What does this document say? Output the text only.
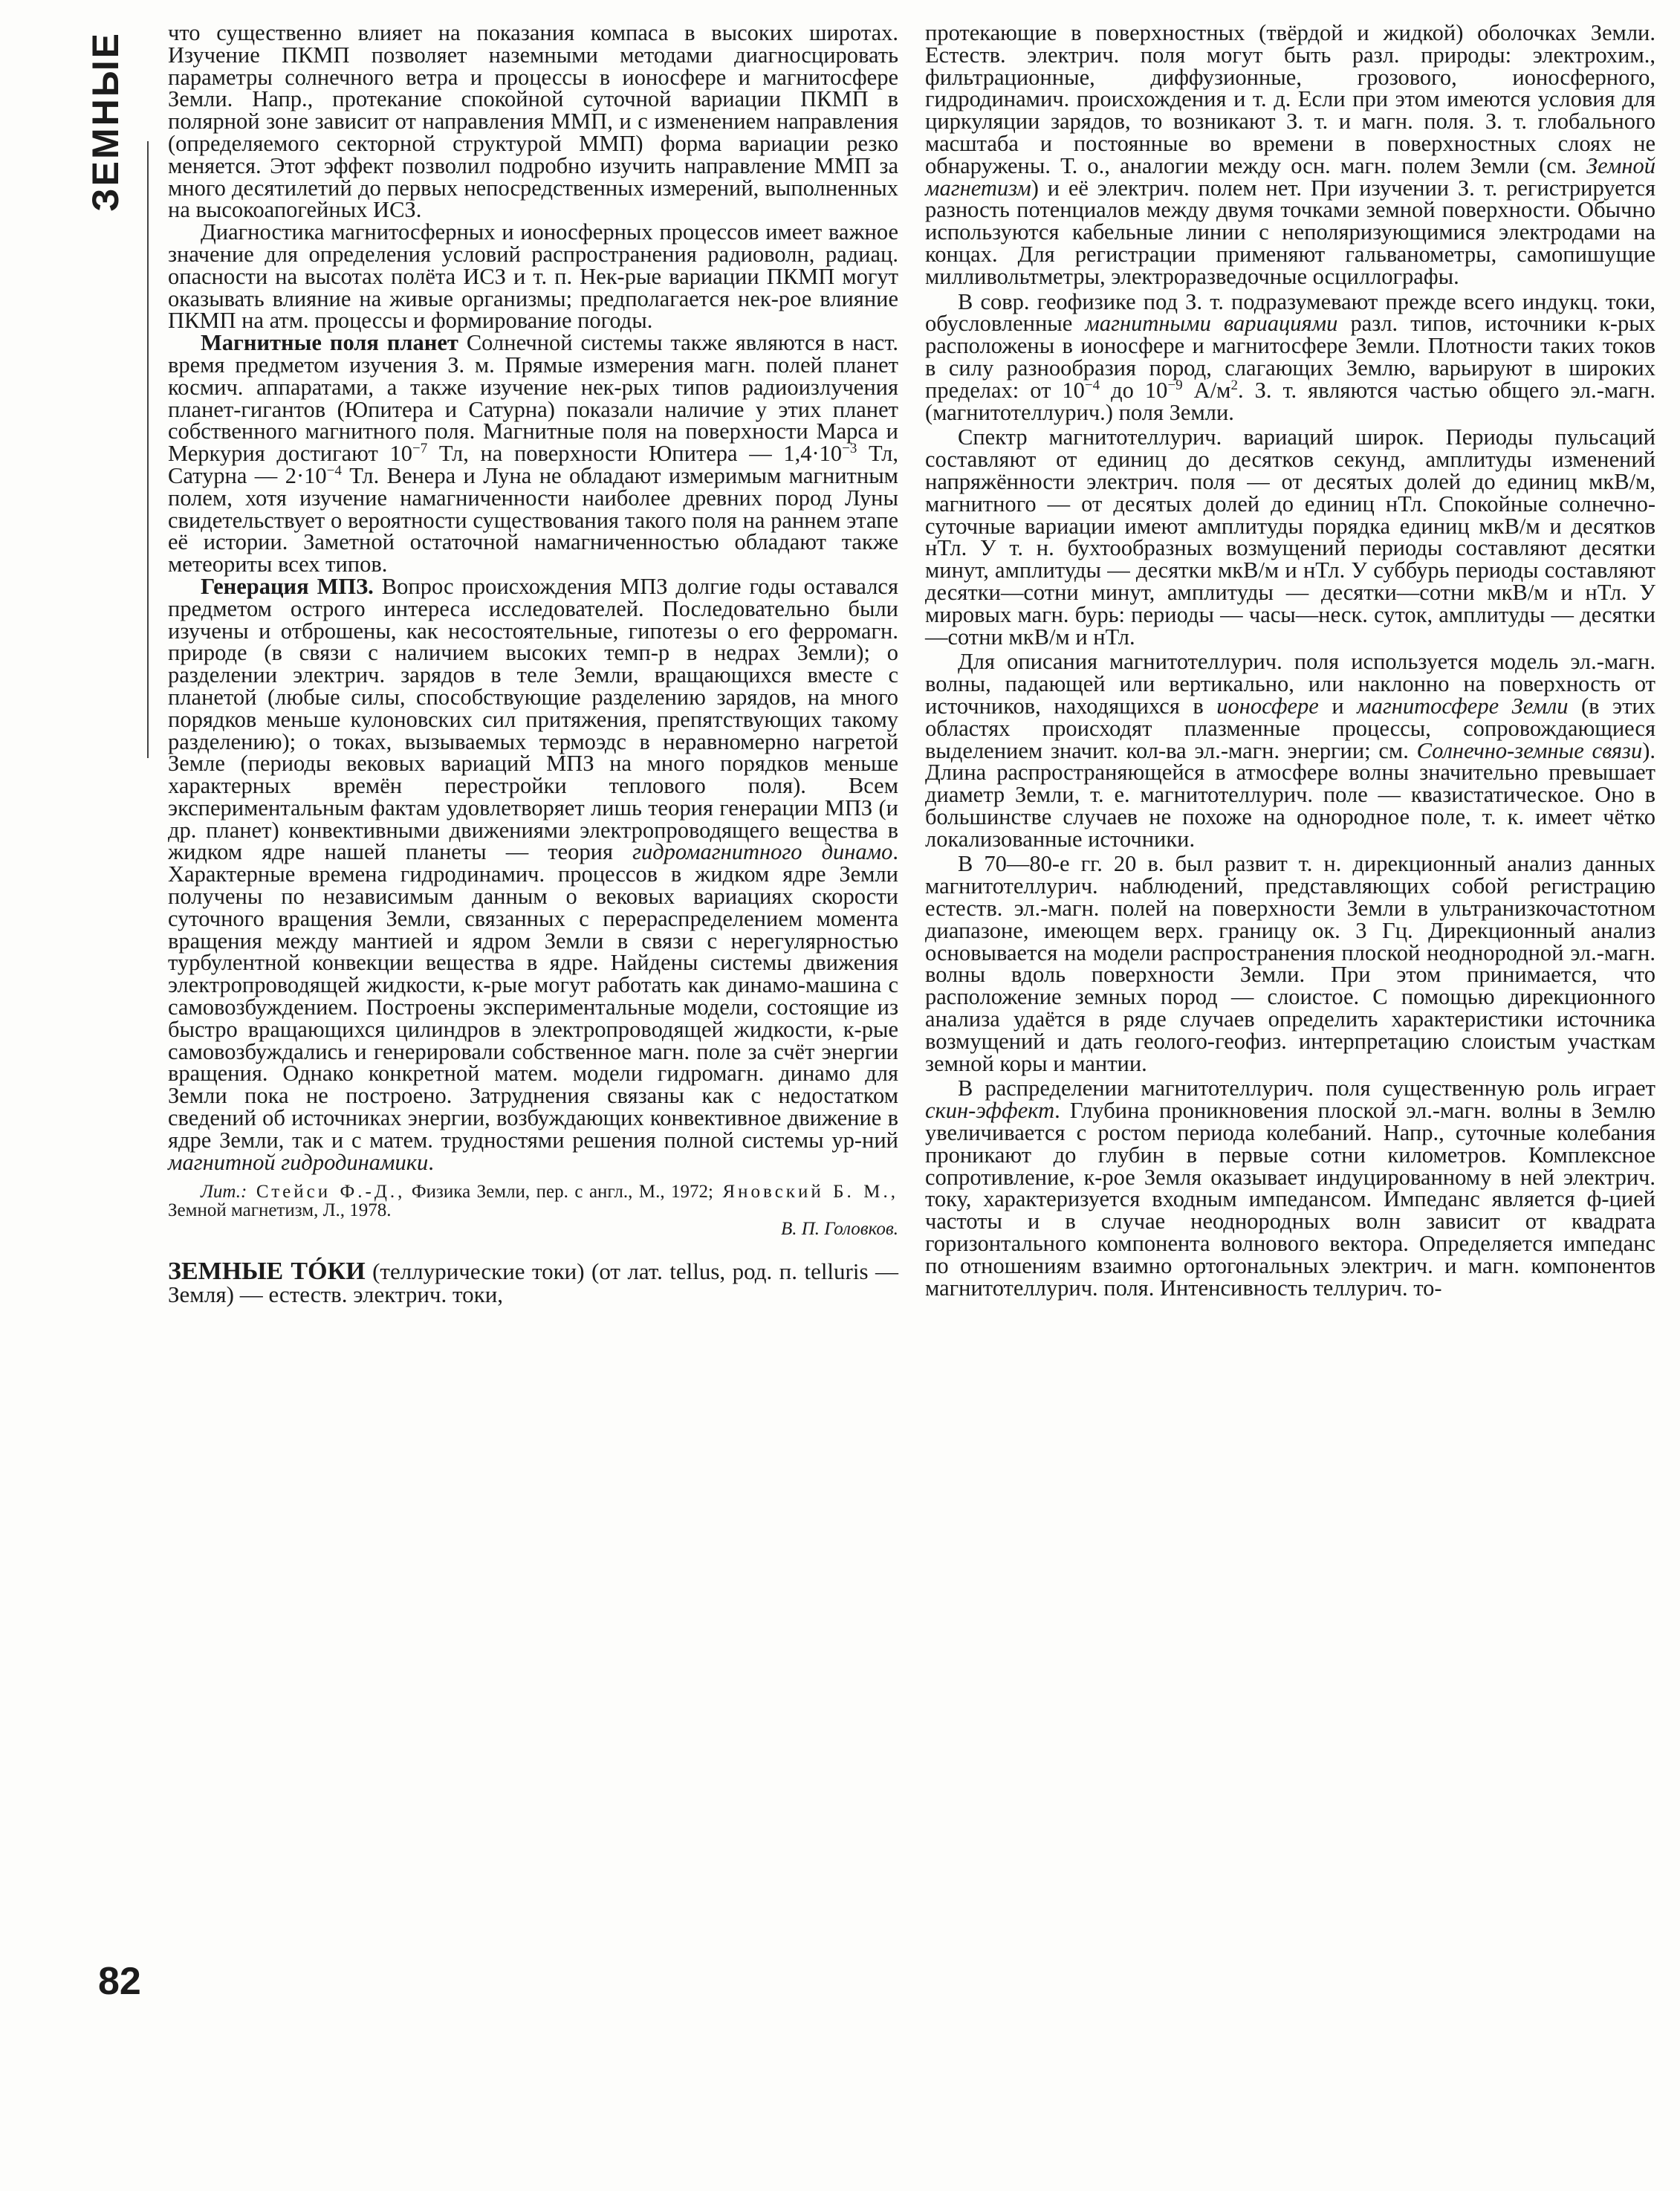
ЗЕМНЫЕ
82

что существенно влияет на показания компаса в высоких широтах. Изучение ПКМП позволяет наземными методами диагносцировать параметры солнечного ветра и процессы в ионосфере и магнитосфере Земли. Напр., протекание спокойной суточной вариации ПКМП в полярной зоне зависит от направления ММП, и с изменением направления (определяемого секторной структурой ММП) форма вариации резко меняется. Этот эффект позволил подробно изучить направление ММП за много десятилетий до первых непосредственных измерений, выполненных на высокоапогейных ИСЗ.

Диагностика магнитосферных и ионосферных процессов имеет важное значение для определения условий распространения радиоволн, радиац. опасности на высотах полёта ИСЗ и т. п. Нек-рые вариации ПКМП могут оказывать влияние на живые организмы; предполагается нек-рое влияние ПКМП на атм. процессы и формирование погоды.

Магнитные поля планет Солнечной системы также являются в наст. время предметом изучения З. м. Прямые измерения магн. полей планет космич. аппаратами, а также изучение нек-рых типов радиоизлучения планет-гигантов (Юпитера и Сатурна) показали наличие у этих планет собственного магнитного поля. Магнитные поля на поверхности Марса и Меркурия достигают $10^{-7}$ Тл, на поверхности Юпитера — $1,4\cdot 10^{-3}$ Тл, Сатурна — $2\cdot 10^{-4}$ Тл. Венера и Луна не обладают измеримым магнитным полем, хотя изучение намагниченности наиболее древних пород Луны свидетельствует о вероятности существования такого поля на раннем этапе её истории. Заметной остаточной намагниченностью обладают также метеориты всех типов.

Генерация МПЗ. Вопрос происхождения МПЗ долгие годы оставался предметом острого интереса исследователей. Последовательно были изучены и отброшены, как несостоятельные, гипотезы о его ферромагн. природе (в связи с наличием высоких темп-р в недрах Земли); о разделении электрич. зарядов в теле Земли, вращающихся вместе с планетой (любые силы, способствующие разделению зарядов, на много порядков меньше кулоновских сил притяжения, препятствующих такому разделению); о токах, вызываемых термоэдс в неравномерно нагретой Земле (периоды вековых вариаций МПЗ на много порядков меньше характерных времён перестройки теплового поля). Всем экспериментальным фактам удовлетворяет лишь теория генерации МПЗ (и др. планет) конвективными движениями электропроводящего вещества в жидком ядре нашей планеты — теория гидромагнитного динамо. Характерные времена гидродинамич. процессов в жидком ядре Земли получены по независимым данным о вековых вариациях скорости суточного вращения Земли, связанных с перераспределением момента вращения между мантией и ядром Земли в связи с нерегулярностью турбулентной конвекции вещества в ядре. Найдены системы движения электропроводящей жидкости, к-рые могут работать как динамо-машина с самовозбуждением. Построены экспериментальные модели, состоящие из быстро вращающихся цилиндров в электропроводящей жидкости, к-рые самовозбуждались и генерировали собственное магн. поле за счёт энергии вращения. Однако конкретной матем. модели гидромагн. динамо для Земли пока не построено. Затруднения связаны как с недостатком сведений об источниках энергии, возбуждающих конвективное движение в ядре Земли, так и с матем. трудностями решения полной системы ур-ний магнитной гидродинамики.

Лит.: Стейси Ф.-Д., Физика Земли, пер. с англ., М., 1972; Яновский Б. М., Земной магнетизм, Л., 1978.

В. П. Головков.

ЗЕМНЫЕ ТÓКИ (теллурические токи) (от лат. tellus, род. п. telluris — Земля) — естеств. электрич. токи,

протекающие в поверхностных (твёрдой и жидкой) оболочках Земли. Естеств. электрич. поля могут быть разл. природы: электрохим., фильтрационные, диффузионные, грозового, ионосферного, гидродинамич. происхождения и т. д. Если при этом имеются условия для циркуляции зарядов, то возникают З. т. и магн. поля. З. т. глобального масштаба и постоянные во времени в поверхностных слоях не обнаружены. Т. о., аналогии между осн. магн. полем Земли (см. Земной магнетизм) и её электрич. полем нет. При изучении З. т. регистрируется разность потенциалов между двумя точками земной поверхности. Обычно используются кабельные линии с неполяризующимися электродами на концах. Для регистрации применяют гальванометры, самопишущие милливольтметры, электроразведочные осциллографы.

В совр. геофизике под З. т. подразумевают прежде всего индукц. токи, обусловленные магнитными вариациями разл. типов, источники к-рых расположены в ионосфере и магнитосфере Земли. Плотности таких токов в силу разнообразия пород, слагающих Землю, варьируют в широких пределах: от $10^{-4}$ до $10^{-9}$ $А/м^2$. З. т. являются частью общего эл.-магн. (магнитотеллурич.) поля Земли.

Спектр магнитотеллурич. вариаций широк. Периоды пульсаций составляют от единиц до десятков секунд, амплитуды изменений напряжённости электрич. поля — от десятых долей до единиц мкВ/м, магнитного — от десятых долей до единиц нТл. Спокойные солнечно-суточные вариации имеют амплитуды порядка единиц мкВ/м и десятков нТл. У т. н. бухтообразных возмущений периоды составляют десятки минут, амплитуды — десятки мкВ/м и нТл. У суббурь периоды составляют десятки—сотни минут, амплитуды — десятки—сотни мкВ/м и нТл. У мировых магн. бурь: периоды — часы—неск. суток, амплитуды — десятки—сотни мкВ/м и нТл.

Для описания магнитотеллурич. поля используется модель эл.-магн. волны, падающей или вертикально, или наклонно на поверхность от источников, находящихся в ионосфере и магнитосфере Земли (в этих областях происходят плазменные процессы, сопровождающиеся выделением значит. кол-ва эл.-магн. энергии; см. Солнечно-земные связи). Длина распространяющейся в атмосфере волны значительно превышает диаметр Земли, т. е. магнитотеллурич. поле — квазистатическое. Оно в большинстве случаев не похоже на однородное поле, т. к. имеет чётко локализованные источники.

В 70—80-е гг. 20 в. был развит т. н. дирекционный анализ данных магнитотеллурич. наблюдений, представляющих собой регистрацию естеств. эл.-магн. полей на поверхности Земли в ультранизкочастотном диапазоне, имеющем верх. границу ок. 3 Гц. Дирекционный анализ основывается на модели распространения плоской неоднородной эл.-магн. волны вдоль поверхности Земли. При этом принимается, что расположение земных пород — слоистое. С помощью дирекционного анализа удаётся в ряде случаев определить характеристики источника возмущений и дать геолого-геофиз. интерпретацию слоистым участкам земной коры и мантии.

В распределении магнитотеллурич. поля существенную роль играет скин-эффект. Глубина проникновения плоской эл.-магн. волны в Землю увеличивается с ростом периода колебаний. Напр., суточные колебания проникают до глубин в первые сотни километров. Комплексное сопротивление, к-рое Земля оказывает индуцированному в ней электрич. току, характеризуется входным импедансом. Импеданс является ф-цией частоты и в случае неоднородных волн зависит от квадрата горизонтального компонента волнового вектора. Определяется импеданс по отношениям взаимно ортогональных электрич. и магн. компонентов магнитотеллурич. поля. Интенсивность теллурич. то-
